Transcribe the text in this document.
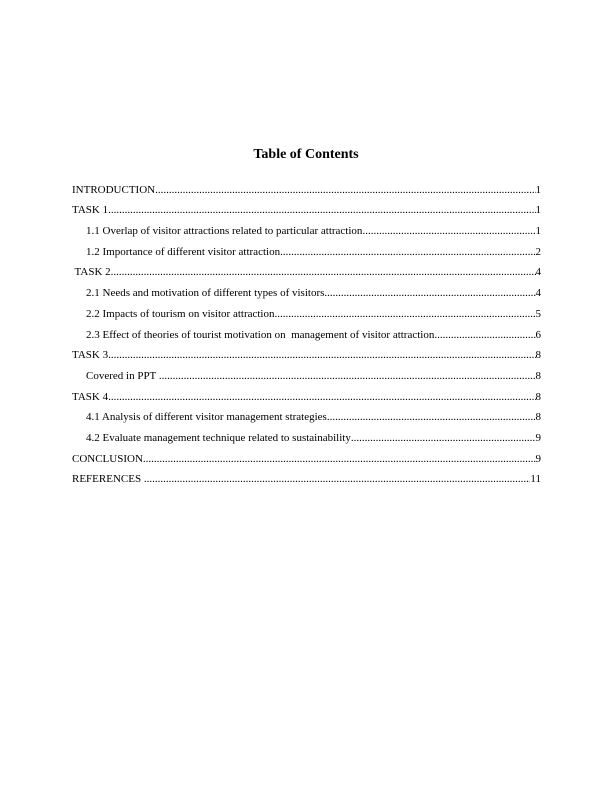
Table of Contents
INTRODUCTION .....	1
TASK 1 .....	1
1.1 Overlap of visitor attractions related to particular attraction .....	1
1.2 Importance of different visitor attraction .....	2
TASK 2 .....	4
2.1 Needs and motivation of different types of visitors .....	4
2.2 Impacts of tourism on visitor attraction .....	5
2.3 Effect of theories of tourist motivation on  management of visitor attraction .....	6
TASK 3 .....	8
Covered in PPT .....	8
TASK 4 .....	8
4.1 Analysis of different visitor management strategies .....	8
4.2 Evaluate management technique related to sustainability .....	9
CONCLUSION .....	9
REFERENCES .....	11
